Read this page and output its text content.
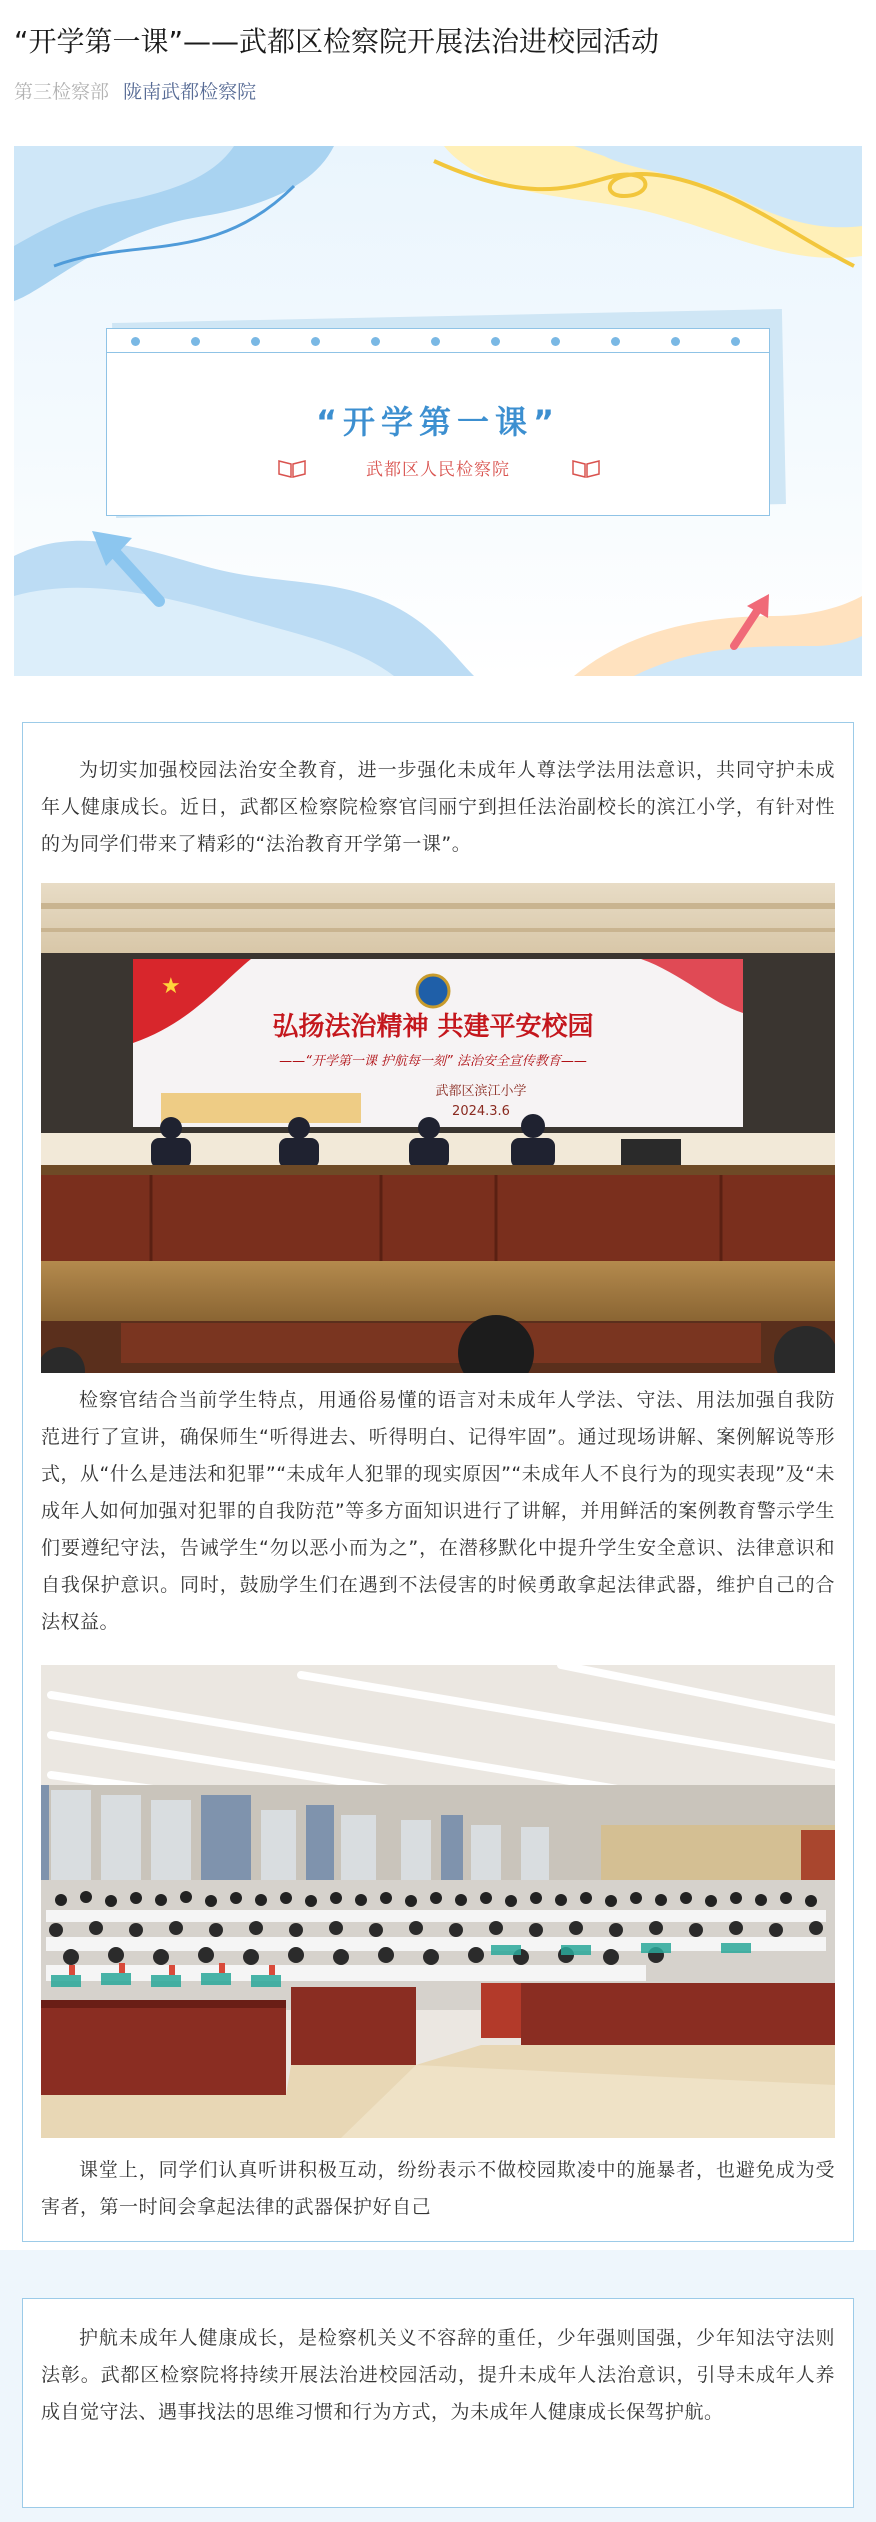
“开学第一课”——武都区检察院开展法治进校园活动
第三检察部 陇南武都检察院
“开学第一课”
武都区人民检察院

为切实加强校园法治安全教育，进一步强化未成年人尊法学法用法意识，共同守护未成年人健康成长。近日，武都区检察院检察官闫丽宁到担任法治副校长的滨江小学，有针对性的为同学们带来了精彩的“法治教育开学第一课”。

★
弘扬法治精神 共建平安校园
——“开学第一课 护航每一刻” 法治安全宣传教育——
武都区滨江小学
2024.3.6

检察官结合当前学生特点，用通俗易懂的语言对未成年人学法、守法、用法加强自我防范进行了宣讲，确保师生“听得进去、听得明白、记得牢固”。通过现场讲解、案例解说等形式，从“什么是违法和犯罪”“未成年人犯罪的现实原因”“未成年人不良行为的现实表现”及“未成年人如何加强对犯罪的自我防范”等多方面知识进行了讲解，并用鲜活的案例教育警示学生们要遵纪守法，告诫学生“勿以恶小而为之”，在潜移默化中提升学生安全意识、法律意识和自我保护意识。同时，鼓励学生们在遇到不法侵害的时候勇敢拿起法律武器，维护自己的合法权益。

课堂上，同学们认真听讲积极互动，纷纷表示不做校园欺凌中的施暴者，也避免成为受害者，第一时间会拿起法律的武器保护好自己

护航未成年人健康成长，是检察机关义不容辞的重任，少年强则国强，少年知法守法则法彰。武都区检察院将持续开展法治进校园活动，提升未成年人法治意识，引导未成年人养成自觉守法、遇事找法的思维习惯和行为方式，为未成年人健康成长保驾护航。
